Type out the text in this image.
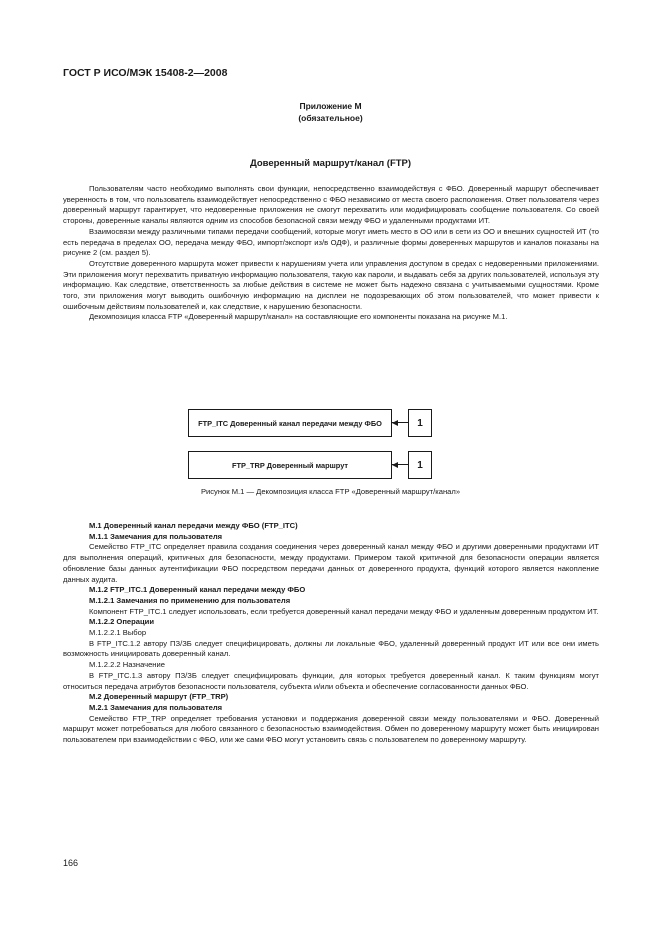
ГОСТ Р ИСО/МЭК 15408-2—2008
Приложение М
(обязательное)
Доверенный маршрут/канал (FTP)

Пользователям часто необходимо выполнять свои функции, непосредственно взаимодействуя с ФБО. Доверенный маршрут обеспечивает уверенность в том, что пользователь взаимодействует непосредственно с ФБО независимо от места своего расположения. Ответ пользователя через доверенный маршрут гарантирует, что недоверенные приложения не смогут перехватить или модифицировать сообщение пользователя. Со своей стороны, доверенные каналы являются одним из способов безопасной связи между ФБО и удаленными продуктами ИТ.

Взаимосвязи между различными типами передачи сообщений, которые могут иметь место в ОО или в сети из ОО и внешних сущностей ИТ (то есть передача в пределах ОО, передача между ФБО, импорт/экспорт из/в ОДФ), и различные формы доверенных маршрутов и каналов показаны на рисунке 2 (см. раздел 5).

Отсутствие доверенного маршрута может привести к нарушениям учета или управления доступом в средах с недоверенными приложениями. Эти приложения могут перехватить приватную информацию пользователя, такую как пароли, и выдавать себя за других пользователей, используя эту информацию. Как следствие, ответственность за любые действия в системе не может быть надежно связана с учитываемыми сущностями. Кроме того, эти приложения могут выводить ошибочную информацию на дисплеи не подозревающих об этом пользователей, что может привести к ошибочным действиям пользователей и, как следствие, к нарушению безопасности.

Декомпозиция класса FTP «Доверенный маршрут/канал» на составляющие его компоненты показана на рисунке М.1.

FTP_ITC Доверенный канал передачи между ФБО	1
FTP_TRP Доверенный маршрут	1
Рисунок М.1 — Декомпозиция класса FTP «Доверенный маршрут/канал»

М.1 Доверенный канал передачи между ФБО (FTP_ITC)

М.1.1 Замечания для пользователя

Семейство FTP_ITC определяет правила создания соединения через доверенный канал между ФБО и другими доверенными продуктами ИТ для выполнения операций, критичных для безопасности, между продуктами. Примером такой критичной для безопасности операции является обновление базы данных аутентификации ФБО посредством передачи данных от доверенного продукта, функций которого является накопление данных аудита.

М.1.2 FTP_ITC.1 Доверенный канал передачи между ФБО

М.1.2.1 Замечания по применению для пользователя

Компонент FTP_ITC.1 следует использовать, если требуется доверенный канал передачи между ФБО и удаленным доверенным продуктом ИТ.

М.1.2.2 Операции

М.1.2.2.1 Выбор

В FTP_ITC.1.2 автору ПЗ/ЗБ следует специфицировать, должны ли локальные ФБО, удаленный доверенный продукт ИТ или все они иметь возможность инициировать доверенный канал.

М.1.2.2.2 Назначение

В FTP_ITC.1.3 автору ПЗ/ЗБ следует специфицировать функции, для которых требуется доверенный канал. К таким функциям могут относиться передача атрибутов безопасности пользователя, субъекта и/или объекта и обеспечение согласованности данных ФБО.

М.2 Доверенный маршрут (FTP_TRP)

М.2.1 Замечания для пользователя

Семейство FTP_TRP определяет требования установки и поддержания доверенной связи между пользователями и ФБО. Доверенный маршрут может потребоваться для любого связанного с безопасностью взаимодействия. Обмен по доверенному маршруту может быть инициирован пользователем при взаимодействии с ФБО, или же сами ФБО могут установить связь с пользователем по доверенному маршруту.

166
